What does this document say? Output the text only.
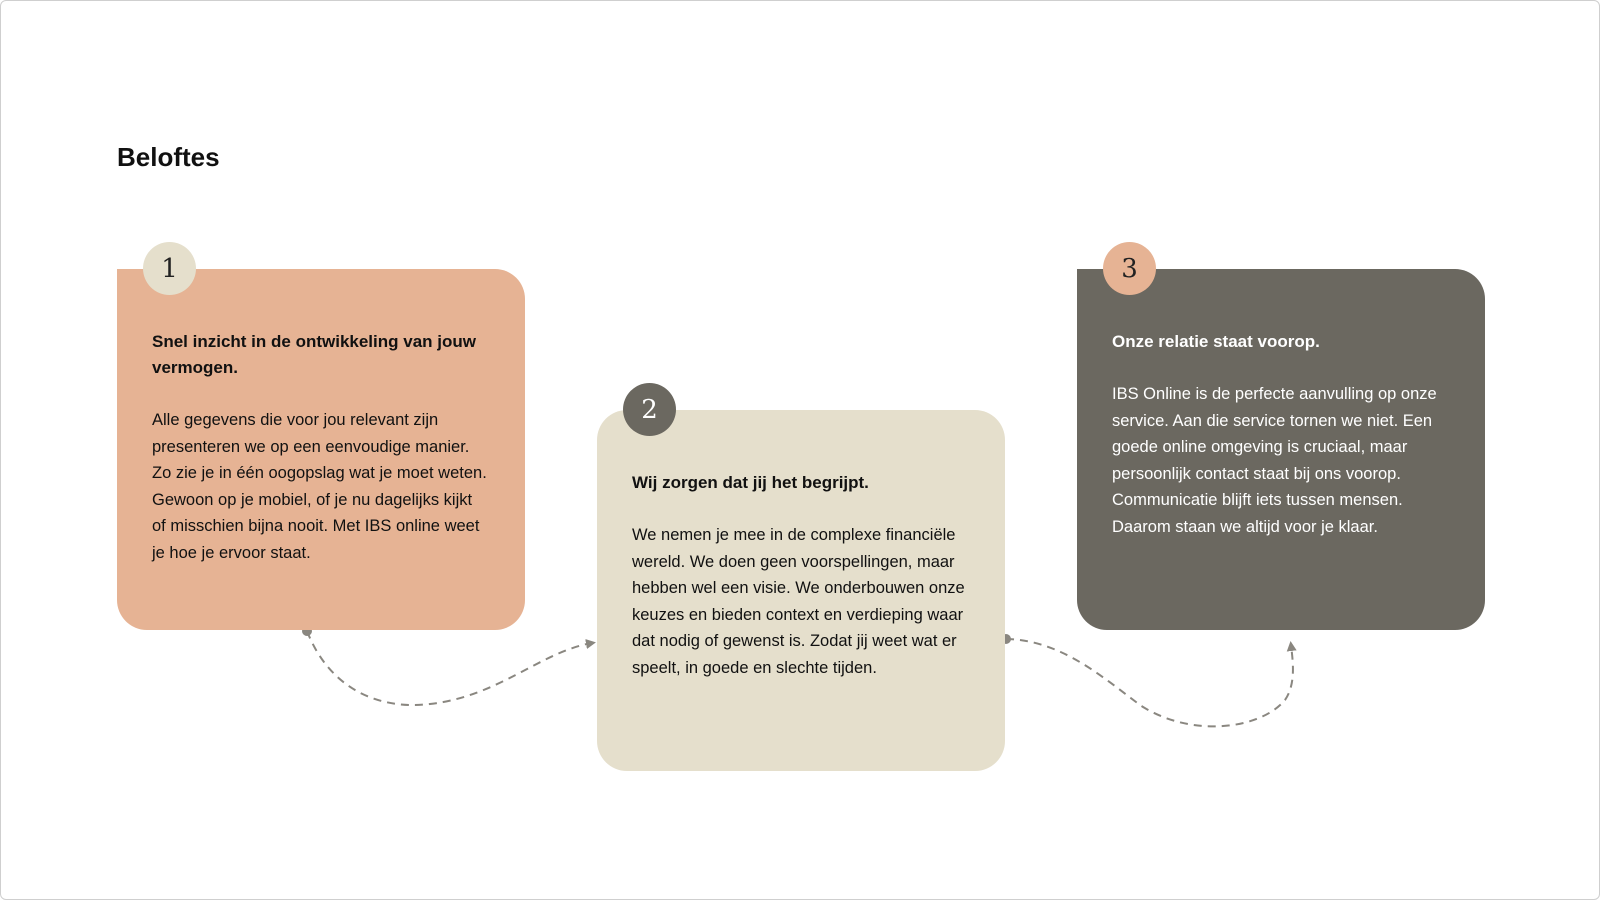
Beloftes
1

Snel inzicht in de ontwikkeling van jouw vermogen.

Alle gegevens die voor jou relevant zijn presenteren we op een eenvoudige manier. Zo zie je in één oogopslag wat je moet weten. Gewoon op je mobiel, of je nu dagelijks kijkt of misschien bijna nooit. Met IBS online weet je hoe je ervoor staat.

2

Wij zorgen dat jij het begrijpt.

We nemen je mee in de complexe financiële wereld. We doen geen voorspellingen, maar hebben wel een visie. We onderbouwen onze keuzes en bieden context en verdieping waar dat nodig of gewenst is. Zodat jij weet wat er speelt, in goede en slechte tijden.

3

Onze relatie staat voorop.

IBS Online is de perfecte aanvulling op onze service. Aan die service tornen we niet. Een goede online omgeving is cruciaal, maar persoonlijk contact staat bij ons voorop. Communicatie blijft iets tussen mensen. Daarom staan we altijd voor je klaar.
